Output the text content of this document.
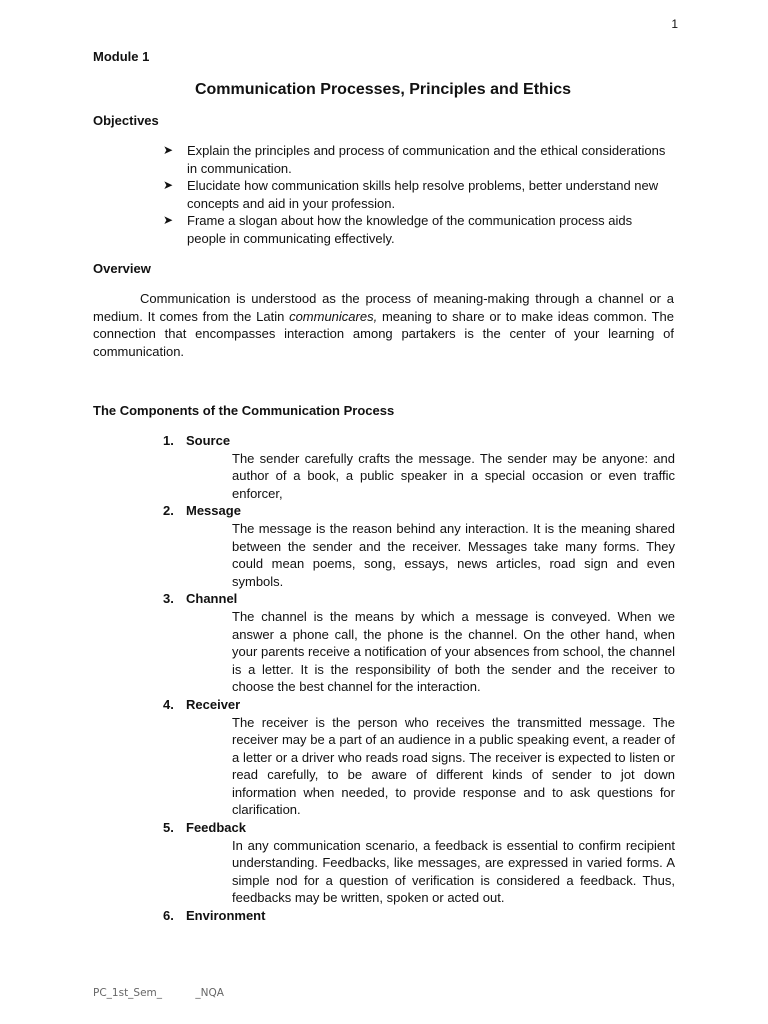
1
Module 1
Communication Processes, Principles and Ethics
Objectives
➤ Explain the principles and process of communication and the ethical considerations in communication.
➤ Elucidate how communication skills help resolve problems, better understand new concepts and aid in your profession.
➤ Frame a slogan about how the knowledge of the communication process aids people in communicating effectively.
Overview

Communication is understood as the process of meaning-making through a channel or a medium. It comes from the Latin communicares, meaning to share or to make ideas common. The connection that encompasses interaction among partakers is the center of your learning of communication.

The Components of the Communication Process
1. Source
The sender carefully crafts the message. The sender may be anyone: and author of a book, a public speaker in a special occasion or even traffic enforcer,
2. Message
The message is the reason behind any interaction. It is the meaning shared between the sender and the receiver. Messages take many forms. They could mean poems, song, essays, news articles, road sign and even symbols.
3. Channel
The channel is the means by which a message is conveyed. When we answer a phone call, the phone is the channel. On the other hand, when your parents receive a notification of your absences from school, the channel is a letter. It is the responsibility of both the sender and the receiver to choose the best channel for the interaction.
4. Receiver
The receiver is the person who receives the transmitted message. The receiver may be a part of an audience in a public speaking event, a reader of a letter or a driver who reads road signs. The receiver is expected to listen or read carefully, to be aware of different kinds of sender to jot down information when needed, to provide response and to ask questions for clarification.
5. Feedback
In any communication scenario, a feedback is essential to confirm recipient understanding. Feedbacks, like messages, are expressed in varied forms. A simple nod for a question of verification is considered a feedback. Thus, feedbacks may be written, spoken or acted out.
6. Environment
PC_1st_Sem_          _NQA
